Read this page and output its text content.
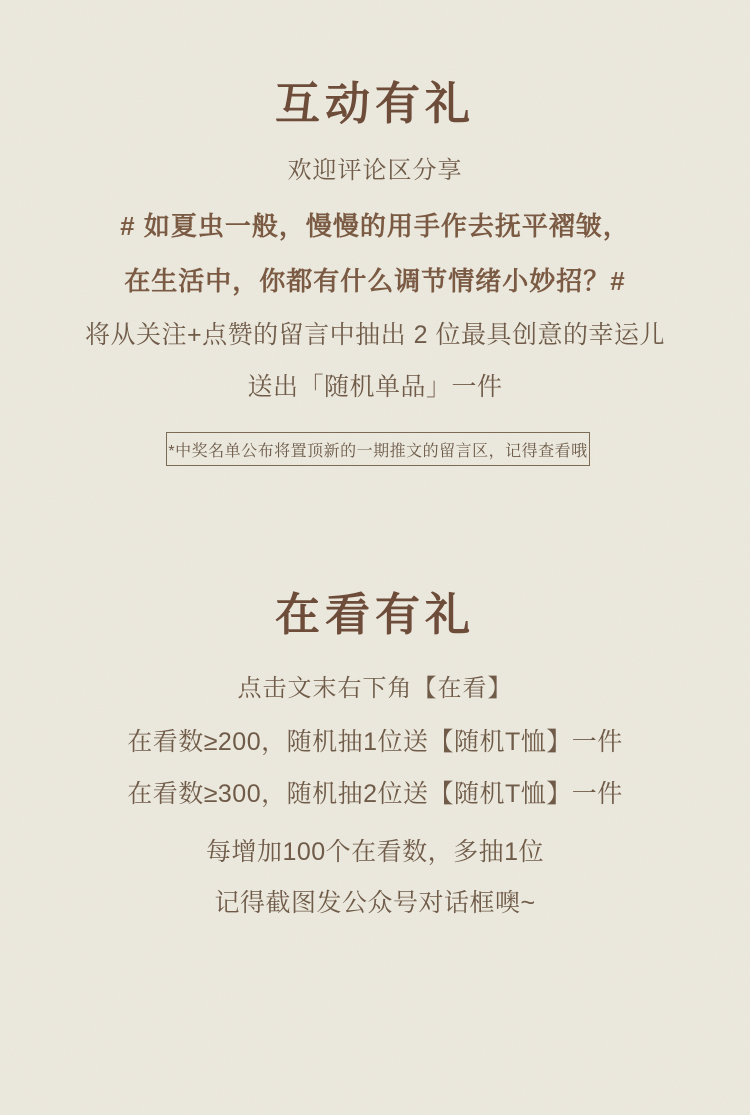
互动有礼
欢迎评论区分享
# 如夏虫一般，慢慢的用手作去抚平褶皱，
在生活中，你都有什么调节情绪小妙招？#
将从关注+点赞的留言中抽出 2 位最具创意的幸运儿
送出「随机单品」一件
*中奖名单公布将置顶新的一期推文的留言区，记得查看哦
在看有礼
点击文末右下角【在看】
在看数≥200，随机抽1位送【随机T恤】一件
在看数≥300，随机抽2位送【随机T恤】一件
每增加100个在看数，多抽1位
记得截图发公众号对话框噢~
